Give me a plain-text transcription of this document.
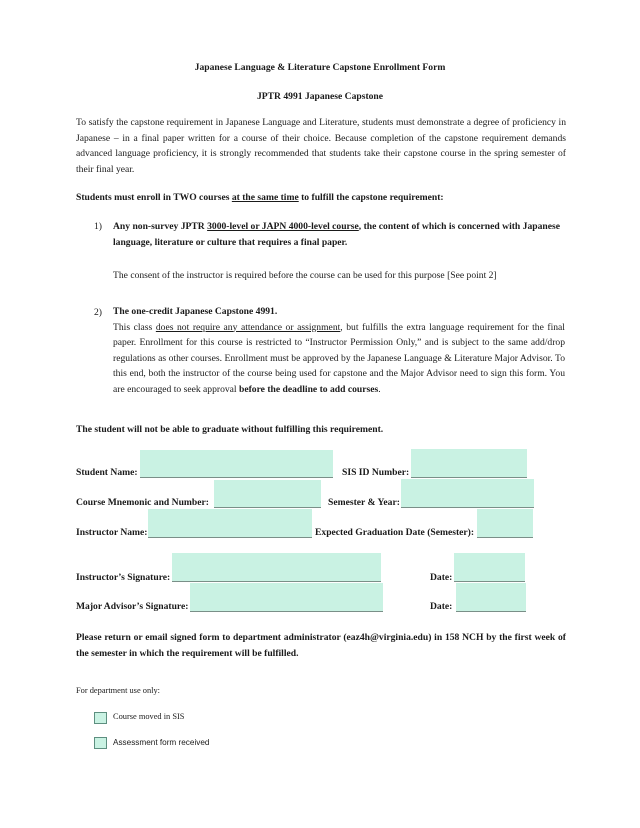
Japanese Language & Literature Capstone Enrollment Form
JPTR 4991 Japanese Capstone
To satisfy the capstone requirement in Japanese Language and Literature, students must demonstrate a degree of proficiency in Japanese – in a final paper written for a course of their choice. Because completion of the capstone requirement demands advanced language proficiency, it is strongly recommended that students take their capstone course in the spring semester of their final year.
Students must enroll in TWO courses at the same time to fulfill the capstone requirement:
1) Any non-survey JPTR 3000-level or JAPN 4000-level course, the content of which is concerned with Japanese language, literature or culture that requires a final paper.
The consent of the instructor is required before the course can be used for this purpose [See point 2]
2) The one-credit Japanese Capstone 4991.
This class does not require any attendance or assignment, but fulfills the extra language requirement for the final paper. Enrollment for this course is restricted to “Instructor Permission Only,” and is subject to the same add/drop regulations as other courses. Enrollment must be approved by the Japanese Language & Literature Major Advisor. To this end, both the instructor of the course being used for capstone and the Major Advisor need to sign this form. You are encouraged to seek approval before the deadline to add courses.
The student will not be able to graduate without fulfilling this requirement.
Student Name:	SIS ID Number:
Course Mnemonic and Number:	Semester & Year:
Instructor Name:	Expected Graduation Date (Semester):
Instructor’s Signature:	Date:
Major Advisor’s Signature:	Date:
Please return or email signed form to department administrator (eaz4h@virginia.edu) in 158 NCH by the first week of the semester in which the requirement will be fulfilled.
For department use only:
Course moved in SIS
Assessment form received
